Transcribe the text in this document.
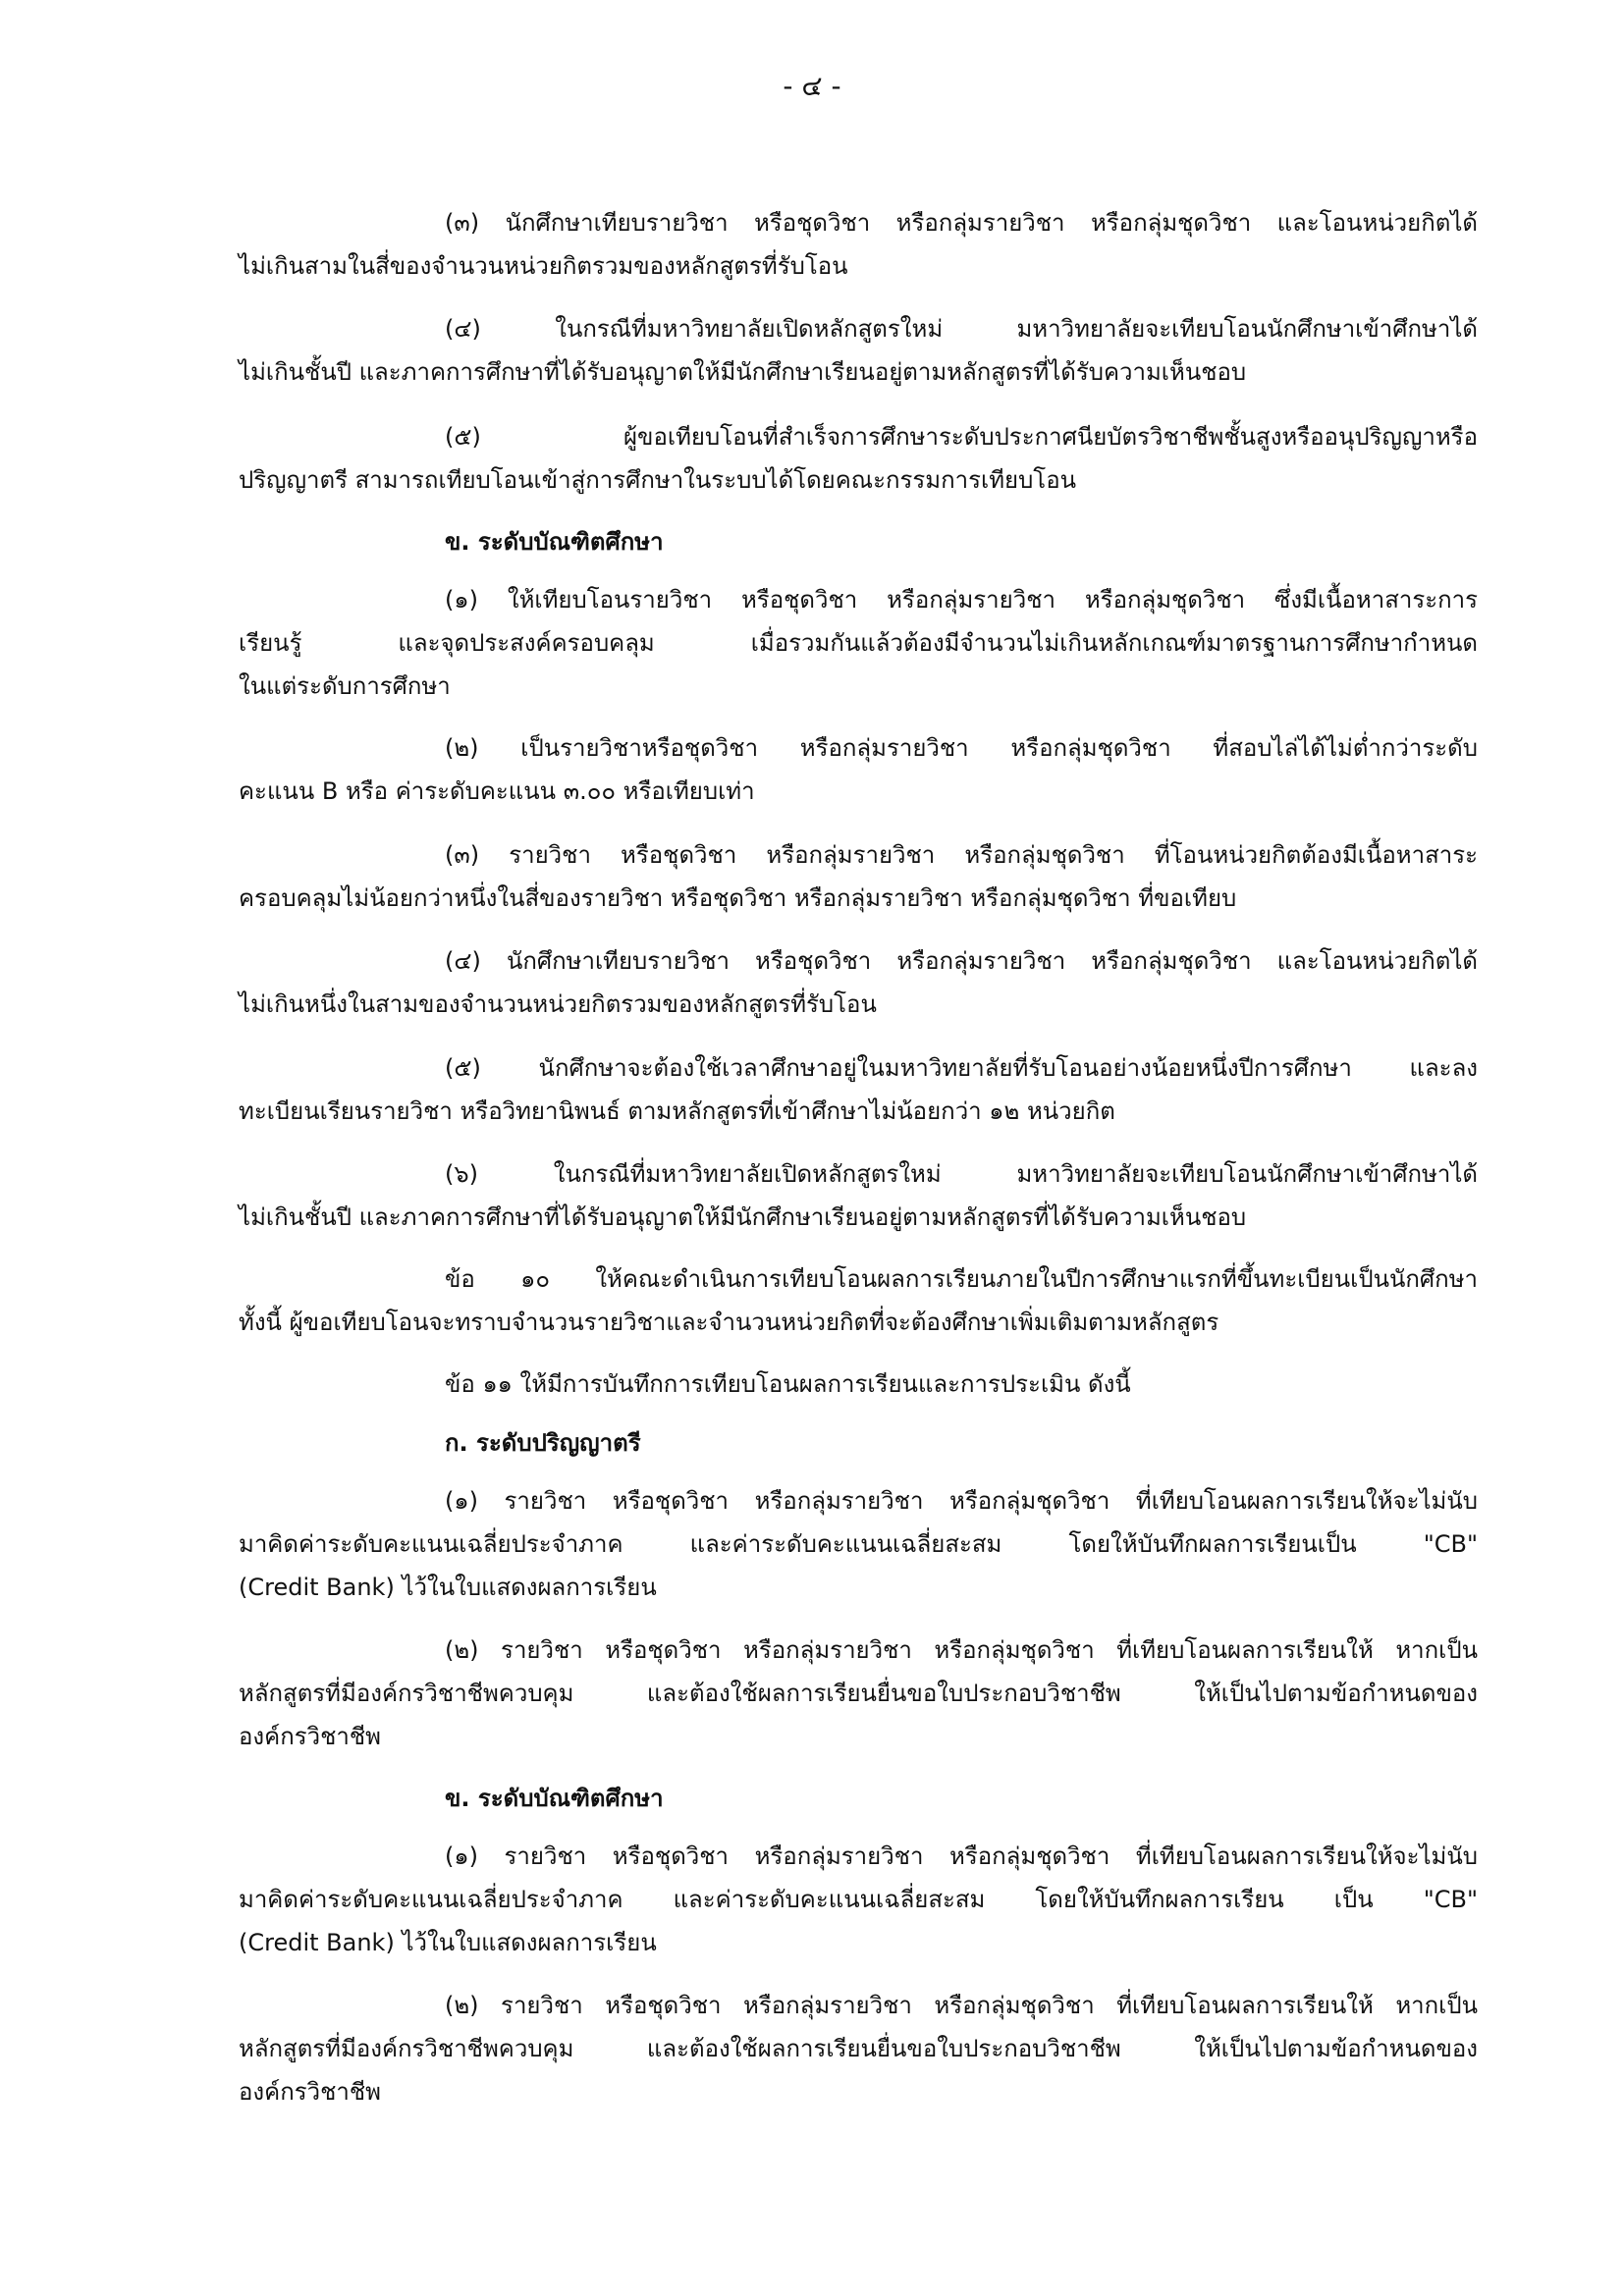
- ๔ -
(๓) นักศึกษาเทียบรายวิชา หรือชุดวิชา หรือกลุ่มรายวิชา หรือกลุ่มชุดวิชา และโอนหน่วยกิตได้
ไม่เกินสามในสี่ของจำนวนหน่วยกิตรวมของหลักสูตรที่รับโอน
(๔) ในกรณีที่มหาวิทยาลัยเปิดหลักสูตรใหม่ มหาวิทยาลัยจะเทียบโอนนักศึกษาเข้าศึกษาได้
ไม่เกินชั้นปี และภาคการศึกษาที่ได้รับอนุญาตให้มีนักศึกษาเรียนอยู่ตามหลักสูตรที่ได้รับความเห็นชอบ
(๕) ผู้ขอเทียบโอนที่สำเร็จการศึกษาระดับประกาศนียบัตรวิชาชีพชั้นสูงหรืออนุปริญญาหรือ
ปริญญาตรี สามารถเทียบโอนเข้าสู่การศึกษาในระบบได้โดยคณะกรรมการเทียบโอน
ข. ระดับบัณฑิตศึกษา
(๑) ให้เทียบโอนรายวิชา หรือชุดวิชา หรือกลุ่มรายวิชา หรือกลุ่มชุดวิชา ซึ่งมีเนื้อหาสาระการ
เรียนรู้ และจุดประสงค์ครอบคลุม เมื่อรวมกันแล้วต้องมีจำนวนไม่เกินหลักเกณฑ์มาตรฐานการศึกษากำหนด
ในแต่ระดับการศึกษา
(๒) เป็นรายวิชาหรือชุดวิชา หรือกลุ่มรายวิชา หรือกลุ่มชุดวิชา ที่สอบไล่ได้ไม่ต่ำกว่าระดับ
คะแนน B หรือ ค่าระดับคะแนน ๓.๐๐ หรือเทียบเท่า
(๓) รายวิชา หรือชุดวิชา หรือกลุ่มรายวิชา หรือกลุ่มชุดวิชา ที่โอนหน่วยกิตต้องมีเนื้อหาสาระ
ครอบคลุมไม่น้อยกว่าหนึ่งในสี่ของรายวิชา หรือชุดวิชา หรือกลุ่มรายวิชา หรือกลุ่มชุดวิชา ที่ขอเทียบ
(๔) นักศึกษาเทียบรายวิชา หรือชุดวิชา หรือกลุ่มรายวิชา หรือกลุ่มชุดวิชา และโอนหน่วยกิตได้
ไม่เกินหนึ่งในสามของจำนวนหน่วยกิตรวมของหลักสูตรที่รับโอน
(๕) นักศึกษาจะต้องใช้เวลาศึกษาอยู่ในมหาวิทยาลัยที่รับโอนอย่างน้อยหนึ่งปีการศึกษา และลง
ทะเบียนเรียนรายวิชา หรือวิทยานิพนธ์ ตามหลักสูตรที่เข้าศึกษาไม่น้อยกว่า ๑๒ หน่วยกิต
(๖) ในกรณีที่มหาวิทยาลัยเปิดหลักสูตรใหม่ มหาวิทยาลัยจะเทียบโอนนักศึกษาเข้าศึกษาได้
ไม่เกินชั้นปี และภาคการศึกษาที่ได้รับอนุญาตให้มีนักศึกษาเรียนอยู่ตามหลักสูตรที่ได้รับความเห็นชอบ
ข้อ ๑๐ ให้คณะดำเนินการเทียบโอนผลการเรียนภายในปีการศึกษาแรกที่ขึ้นทะเบียนเป็นนักศึกษา
ทั้งนี้ ผู้ขอเทียบโอนจะทราบจำนวนรายวิชาและจำนวนหน่วยกิตที่จะต้องศึกษาเพิ่มเติมตามหลักสูตร
ข้อ ๑๑ ให้มีการบันทึกการเทียบโอนผลการเรียนและการประเมิน ดังนี้
ก. ระดับปริญญาตรี
(๑) รายวิชา หรือชุดวิชา หรือกลุ่มรายวิชา หรือกลุ่มชุดวิชา ที่เทียบโอนผลการเรียนให้จะไม่นับ
มาคิดค่าระดับคะแนนเฉลี่ยประจำภาค และค่าระดับคะแนนเฉลี่ยสะสม โดยให้บันทึกผลการเรียนเป็น "CB"
(Credit Bank) ไว้ในใบแสดงผลการเรียน
(๒) รายวิชา หรือชุดวิชา หรือกลุ่มรายวิชา หรือกลุ่มชุดวิชา ที่เทียบโอนผลการเรียนให้ หากเป็น
หลักสูตรที่มีองค์กรวิชาชีพควบคุม และต้องใช้ผลการเรียนยื่นขอใบประกอบวิชาชีพ ให้เป็นไปตามข้อกำหนดของ
องค์กรวิชาชีพ
ข. ระดับบัณฑิตศึกษา
(๑) รายวิชา หรือชุดวิชา หรือกลุ่มรายวิชา หรือกลุ่มชุดวิชา ที่เทียบโอนผลการเรียนให้จะไม่นับ
มาคิดค่าระดับคะแนนเฉลี่ยประจำภาค และค่าระดับคะแนนเฉลี่ยสะสม โดยให้บันทึกผลการเรียน เป็น "CB"
(Credit Bank) ไว้ในใบแสดงผลการเรียน
(๒) รายวิชา หรือชุดวิชา หรือกลุ่มรายวิชา หรือกลุ่มชุดวิชา ที่เทียบโอนผลการเรียนให้ หากเป็น
หลักสูตรที่มีองค์กรวิชาชีพควบคุม และต้องใช้ผลการเรียนยื่นขอใบประกอบวิชาชีพ ให้เป็นไปตามข้อกำหนดของ
องค์กรวิชาชีพ
